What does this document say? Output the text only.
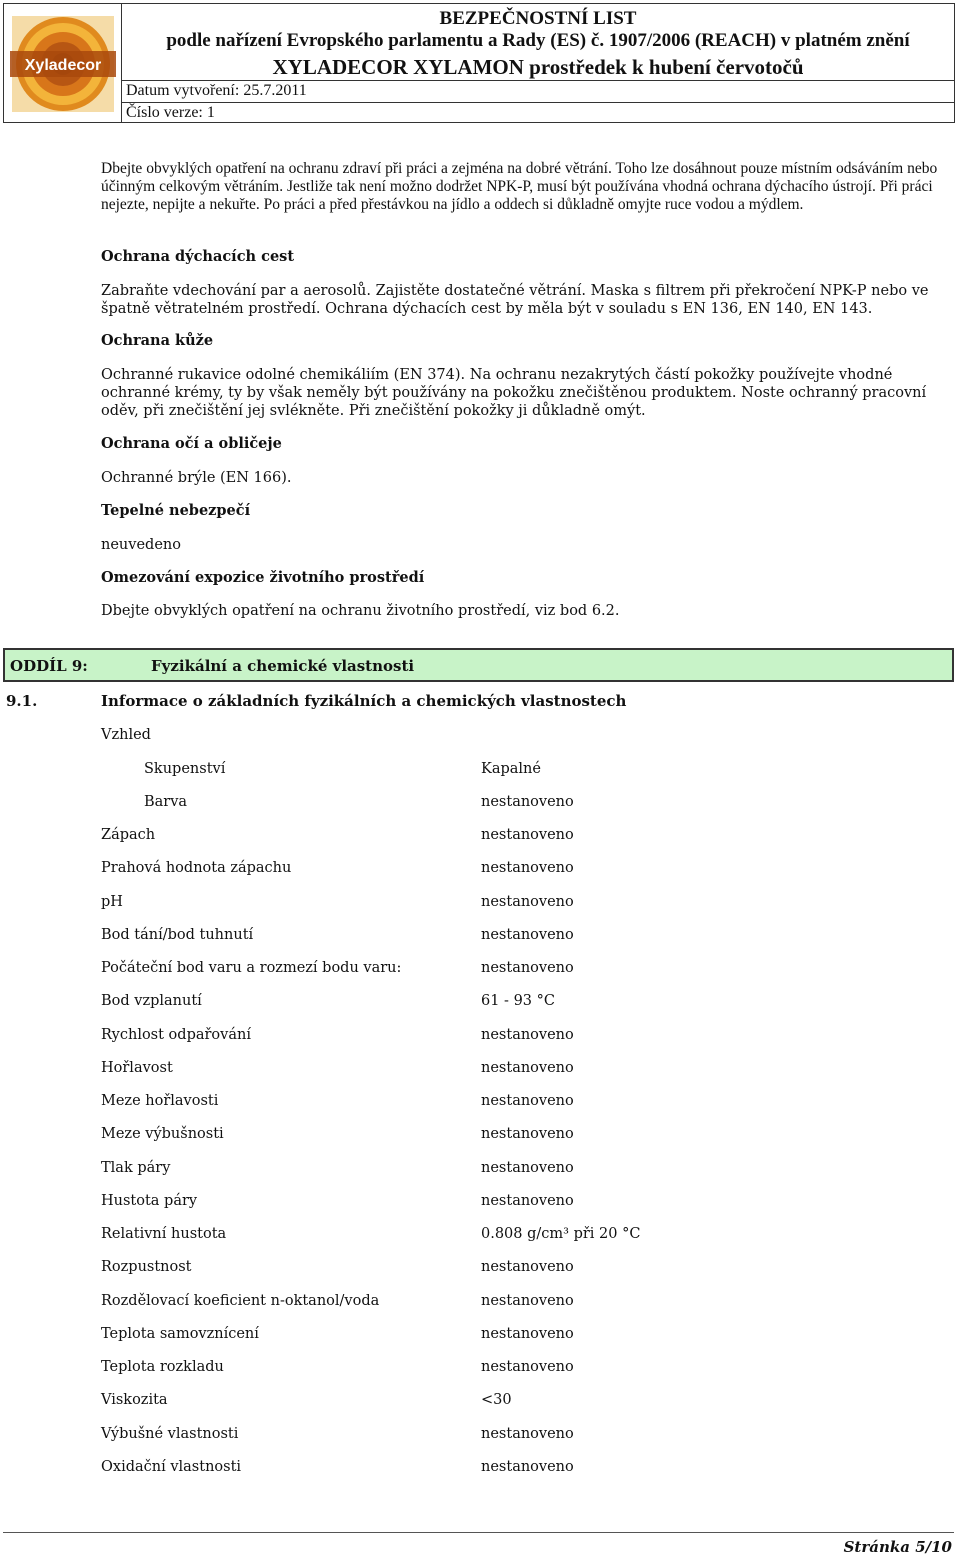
Xyladecor
BEZPEČNOSTNÍ LIST
podle nařízení Evropského parlamentu a Rady (ES) č. 1907/2006 (REACH) v platném znění
XYLADECOR XYLAMON prostředek k hubení červotočů
Datum vytvoření: 25.7.2011
Číslo verze: 1
Dbejte obvyklých opatření na ochranu zdraví při práci a zejména na dobré větrání. Toho lze dosáhnout pouze místním odsáváním nebo účinným celkovým větráním. Jestliže tak není možno dodržet NPK-P, musí být používána vhodná ochrana dýchacího ústrojí. Při práci nejezte, nepijte a nekuřte. Po práci a před přestávkou na jídlo a oddech si důkladně omyjte ruce vodou a mýdlem.
Ochrana dýchacích cest
Zabraňte vdechování par a aerosolů. Zajistěte dostatečné větrání. Maska s filtrem při překročení NPK-P nebo ve špatně větratelném prostředí. Ochrana dýchacích cest by měla být v souladu s EN 136, EN 140, EN 143.
Ochrana kůže
Ochranné rukavice odolné chemikáliím (EN 374). Na ochranu nezakrytých částí pokožky používejte vhodné ochranné krémy, ty by však neměly být používány na pokožku znečištěnou produktem. Noste ochranný pracovní oděv, při znečištění jej svlékněte. Při znečištění pokožky ji důkladně omýt.
Ochrana očí a obličeje
Ochranné brýle (EN 166).
Tepelné nebezpečí
neuvedeno
Omezování expozice životního prostředí
Dbejte obvyklých opatření na ochranu životního prostředí, viz bod 6.2.
ODDÍL 9:	Fyzikální a chemické vlastnosti
9.1.	Informace o základních fyzikálních a chemických vlastnostech
Vzhled
Skupenství	Kapalné
Barva	nestanoveno
Zápach	nestanoveno
Prahová hodnota zápachu	nestanoveno
pH	nestanoveno
Bod tání/bod tuhnutí	nestanoveno
Počáteční bod varu a rozmezí bodu varu:	nestanoveno
Bod vzplanutí	61 - 93 °C
Rychlost odpařování	nestanoveno
Hořlavost	nestanoveno
Meze hořlavosti	nestanoveno
Meze výbušnosti	nestanoveno
Tlak páry	nestanoveno
Hustota páry	nestanoveno
Relativní hustota	0.808 g/cm³ při 20 °C
Rozpustnost	nestanoveno
Rozdělovací koeficient n-oktanol/voda	nestanoveno
Teplota samovznícení	nestanoveno
Teplota rozkladu	nestanoveno
Viskozita	<30
Výbušné vlastnosti	nestanoveno
Oxidační vlastnosti	nestanoveno
Stránka 5/10
